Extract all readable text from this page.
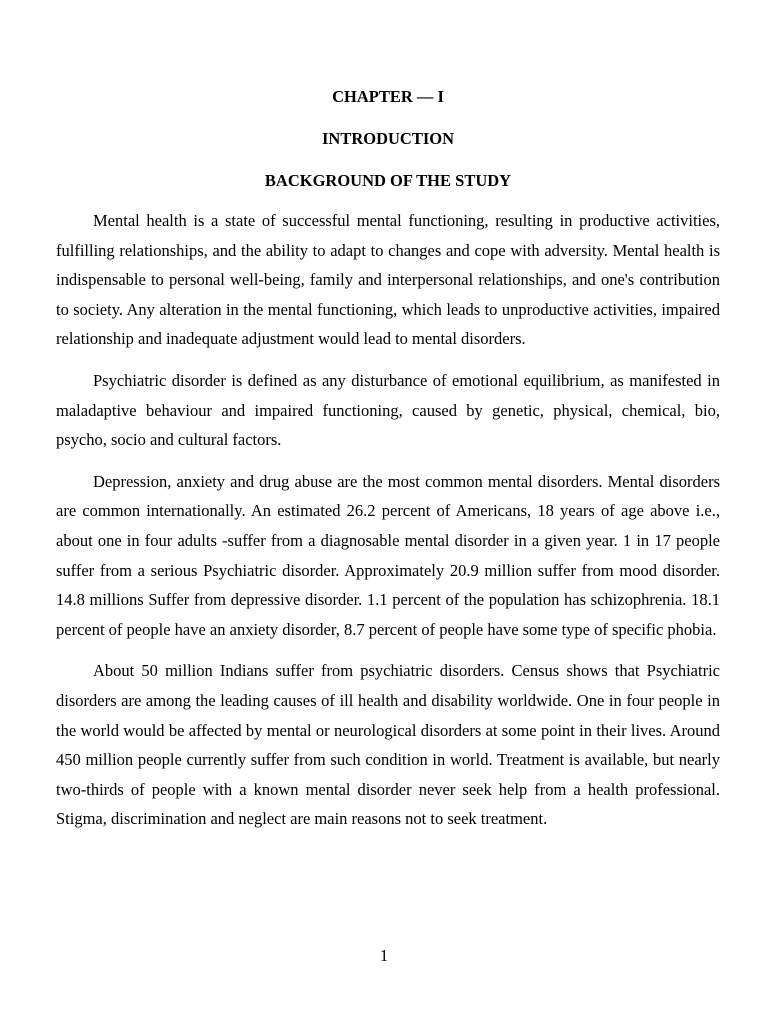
CHAPTER — I
INTRODUCTION
BACKGROUND OF THE STUDY

Mental health is a state of successful mental functioning, resulting in productive activities, fulfilling relationships, and the ability to adapt to changes and cope with adversity. Mental health is indispensable to personal well-being, family and interpersonal relationships, and one's contribution to society. Any alteration in the mental functioning, which leads to unproductive activities, impaired relationship and inadequate adjustment would lead to mental disorders.

Psychiatric disorder is defined as any disturbance of emotional equilibrium, as manifested in maladaptive behaviour and impaired functioning, caused by genetic, physical, chemical, bio, psycho, socio and cultural factors.

Depression, anxiety and drug abuse are the most common mental disorders. Mental disorders are common internationally. An estimated 26.2 percent of Americans, 18 years of age above i.e., about one in four adults -suffer from a diagnosable mental disorder in a given year. 1 in 17 people suffer from a serious Psychiatric disorder. Approximately 20.9 million suffer from mood disorder. 14.8 millions Suffer from depressive disorder. 1.1 percent of the population has schizophrenia. 18.1 percent of people have an anxiety disorder, 8.7 percent of people have some type of specific phobia.

About 50 million Indians suffer from psychiatric disorders. Census shows that Psychiatric disorders are among the leading causes of ill health and disability worldwide. One in four people in the world would be affected by mental or neurological disorders at some point in their lives. Around 450 million people currently suffer from such condition in world. Treatment is available, but nearly two-thirds of people with a known mental disorder never seek help from a health professional. Stigma, discrimination and neglect are main reasons not to seek treatment.

1
